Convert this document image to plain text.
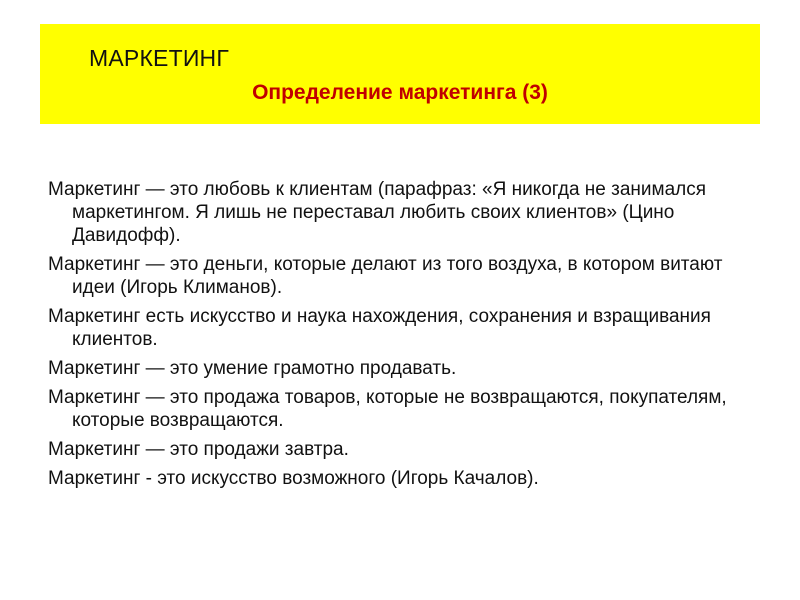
МАРКЕТИНГ
Определение маркетинга (3)
Маркетинг — это любовь к клиентам (парафраз: «Я никогда не занимался маркетингом. Я лишь не переставал любить своих клиентов» (Цино Давидофф).
Маркетинг — это деньги, которые делают из того воздуха, в котором витают идеи (Игорь Климанов).
Маркетинг есть искусство и наука нахождения, сохранения и взращивания клиентов.
Маркетинг — это умение грамотно продавать.
Маркетинг — это продажа товаров, которые не возвращаются, покупателям, которые возвращаются.
Маркетинг — это продажи завтра.
Маркетинг - это искусство возможного (Игорь Качалов).
